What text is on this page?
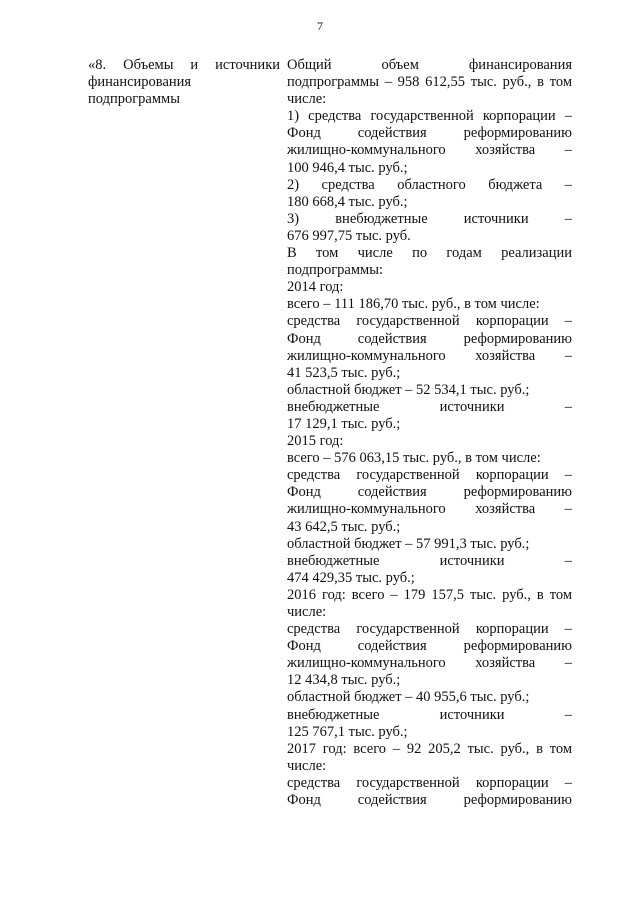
7
«8. Объемы и источники
финансирования
подпрограммы
Общий объем финансирования
подпрограммы – 958 612,55 тыс. руб., в том
числе:
1) средства государственной корпорации –
Фонд содействия реформированию
жилищно-коммунального хозяйства –
100 946,4 тыс. руб.;
2) средства областного бюджета –
180 668,4 тыс. руб.;
3) внебюджетные источники –
676 997,75 тыс. руб.
В том числе по годам реализации
подпрограммы:
2014 год:
всего – 111 186,70 тыс. руб., в том числе:
средства государственной корпорации –
Фонд содействия реформированию
жилищно-коммунального хозяйства –
41 523,5 тыс. руб.;
областной бюджет – 52 534,1 тыс. руб.;
внебюджетные источники –
17 129,1 тыс. руб.;
2015 год:
всего – 576 063,15 тыс. руб., в том числе:
средства государственной корпорации –
Фонд содействия реформированию
жилищно-коммунального хозяйства –
43 642,5 тыс. руб.;
областной бюджет – 57 991,3 тыс. руб.;
внебюджетные источники –
474 429,35 тыс. руб.;
2016 год: всего – 179 157,5 тыс. руб., в том
числе:
средства государственной корпорации –
Фонд содействия реформированию
жилищно-коммунального хозяйства –
12 434,8 тыс. руб.;
областной бюджет – 40 955,6 тыс. руб.;
внебюджетные источники –
125 767,1 тыс. руб.;
2017 год: всего – 92 205,2 тыс. руб., в том
числе:
средства государственной корпорации –
Фонд содействия реформированию
